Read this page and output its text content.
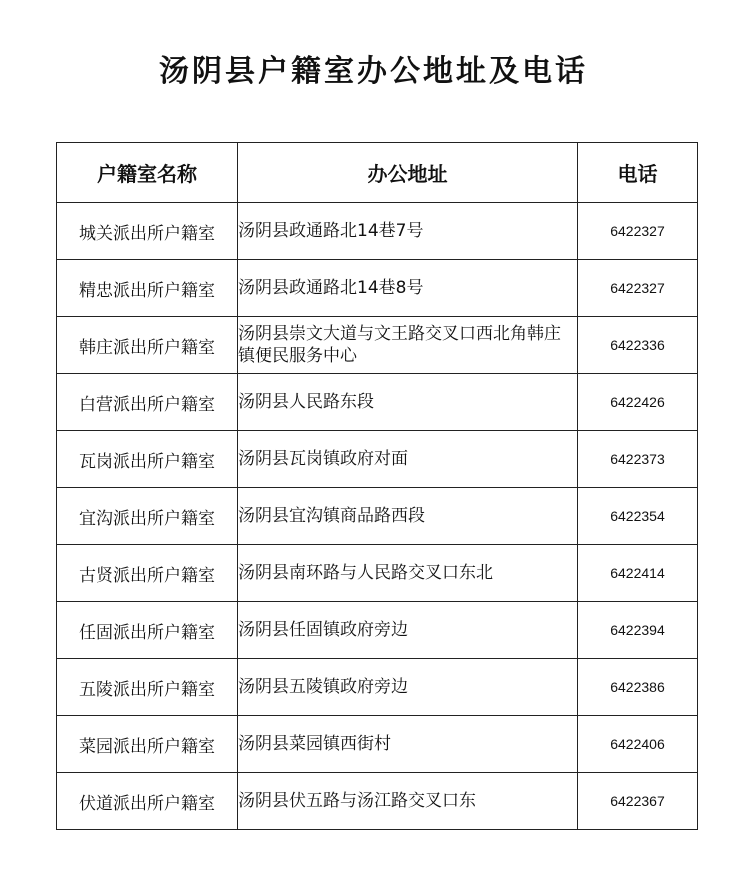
汤阴县户籍室办公地址及电话
户籍室名称	办公地址	电话
城关派出所户籍室	汤阴县政通路北14巷7号	6422327
精忠派出所户籍室	汤阴县政通路北14巷8号	6422327
韩庄派出所户籍室	汤阴县崇文大道与文王路交叉口西北角韩庄镇便民服务中心	6422336
白营派出所户籍室	汤阴县人民路东段	6422426
瓦岗派出所户籍室	汤阴县瓦岗镇政府对面	6422373
宜沟派出所户籍室	汤阴县宜沟镇商品路西段	6422354
古贤派出所户籍室	汤阴县南环路与人民路交叉口东北	6422414
任固派出所户籍室	汤阴县任固镇政府旁边	6422394
五陵派出所户籍室	汤阴县五陵镇政府旁边	6422386
菜园派出所户籍室	汤阴县菜园镇西街村	6422406
伏道派出所户籍室	汤阴县伏五路与汤江路交叉口东	6422367
